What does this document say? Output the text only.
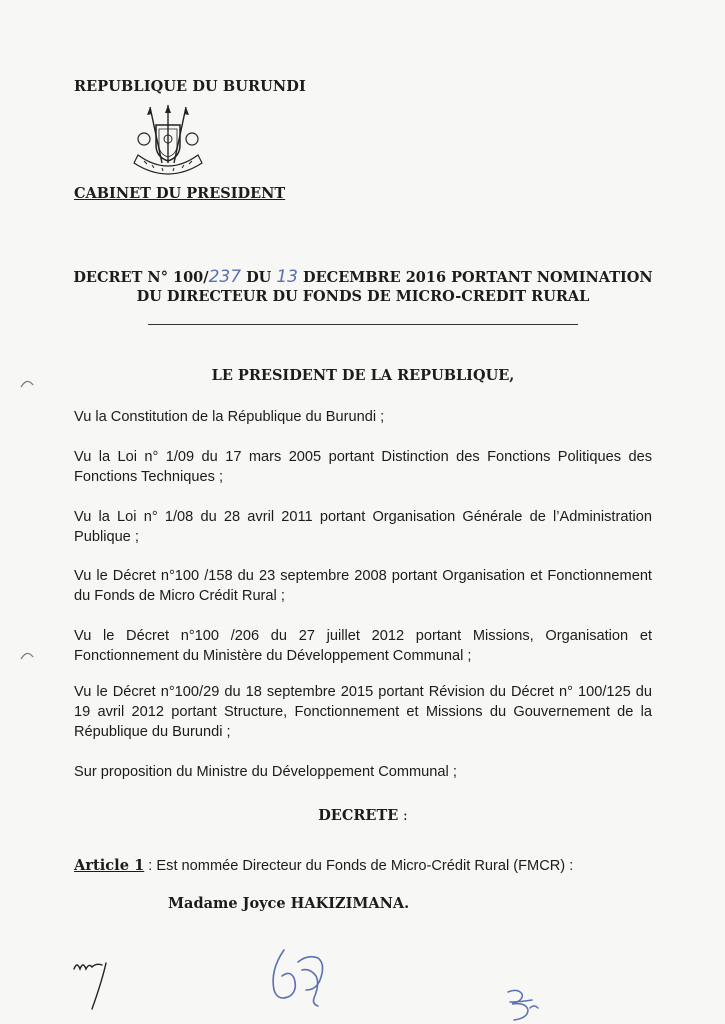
REPUBLIQUE DU BURUNDI
CABINET DU PRESIDENT
DECRET N° 100/237 DU 13 DECEMBRE 2016 PORTANT NOMINATION
DU DIRECTEUR DU FONDS DE MICRO-CREDIT RURAL
LE PRESIDENT DE LA REPUBLIQUE,

Vu la Constitution de la République du Burundi ;

Vu la Loi n° 1/09 du 17 mars 2005 portant Distinction des Fonctions Politiques des Fonctions Techniques ;

Vu la Loi n° 1/08 du 28 avril 2011 portant Organisation Générale de l’Administration Publique ;

Vu le Décret n°100 /158 du 23 septembre 2008 portant Organisation et Fonctionnement du Fonds de Micro Crédit Rural ;

Vu le Décret n°100 /206 du 27 juillet 2012 portant Missions, Organisation et Fonctionnement du Ministère du Développement Communal ;

Vu le Décret n°100/29 du 18 septembre 2015 portant Révision du Décret n° 100/125 du 19 avril 2012 portant Structure, Fonctionnement et Missions du Gouvernement de la République du Burundi ;

Sur proposition du Ministre du Développement Communal ;

DECRETE :
Article 1 : Est nommée Directeur du Fonds de Micro-Crédit Rural (FMCR) :
Madame Joyce HAKIZIMANA.
